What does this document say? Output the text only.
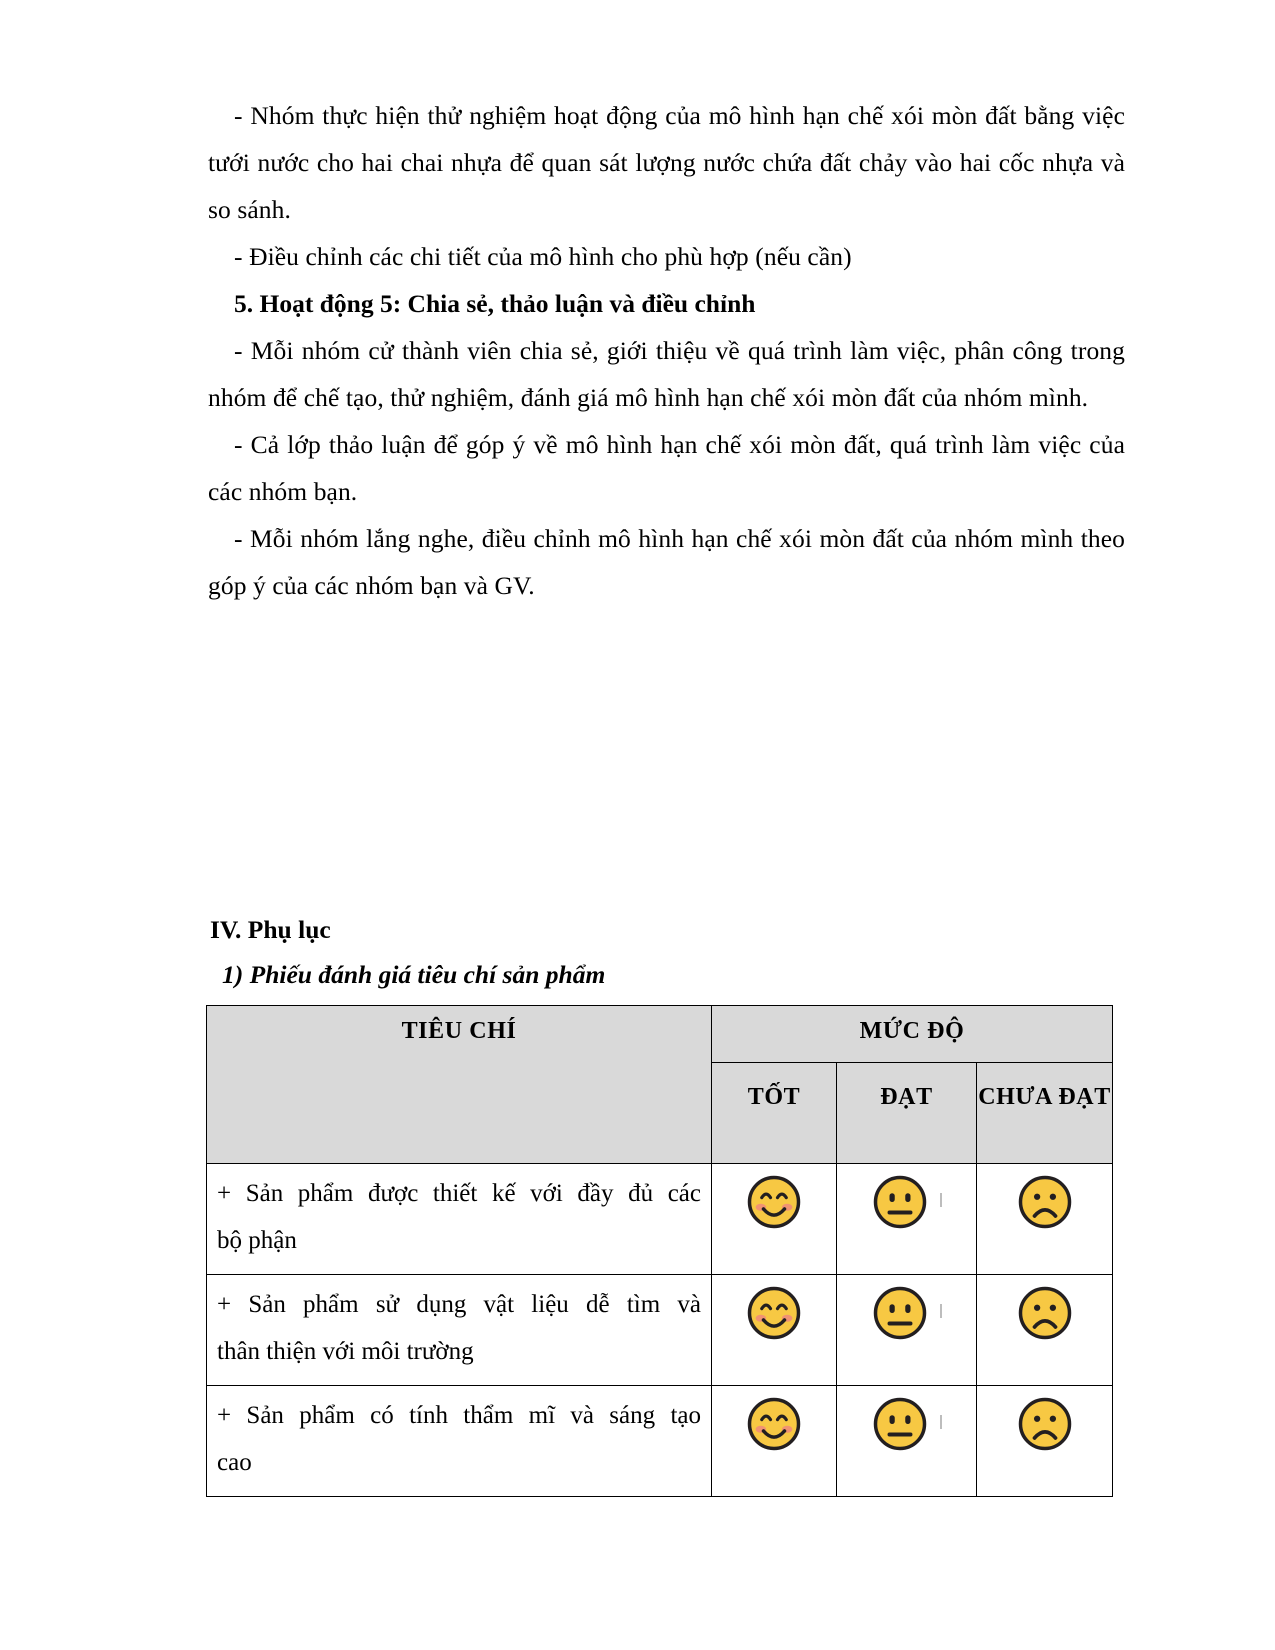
- Nhóm thực hiện thử nghiệm hoạt động của mô hình hạn chế xói mòn đất bằng việc tưới nước cho hai chai nhựa để quan sát lượng nước chứa đất chảy vào hai cốc nhựa và so sánh.

- Điều chỉnh các chi tiết của mô hình cho phù hợp (nếu cần)

5. Hoạt động 5: Chia sẻ, thảo luận và điều chỉnh

- Mỗi nhóm cử thành viên chia sẻ, giới thiệu về quá trình làm việc, phân công trong nhóm để chế tạo, thử nghiệm, đánh giá mô hình hạn chế xói mòn đất của nhóm mình.

- Cả lớp thảo luận để góp ý về mô hình hạn chế xói mòn đất, quá trình làm việc của các nhóm bạn.

- Mỗi nhóm lắng nghe, điều chỉnh mô hình hạn chế xói mòn đất của nhóm mình theo góp ý của các nhóm bạn và GV.

IV. Phụ lục
1) Phiếu đánh giá tiêu chí sản phẩm
TIÊU CHÍ	MỨC ĐỘ		
	TỐT	ĐẠT	CHƯA ĐẠT

+ Sản phẩm được thiết kế với đầy đủ các
bộ phận

+ Sản phẩm sử dụng vật liệu dễ tìm và
thân thiện với môi trường

+ Sản phẩm có tính thẩm mĩ và sáng tạo
cao
